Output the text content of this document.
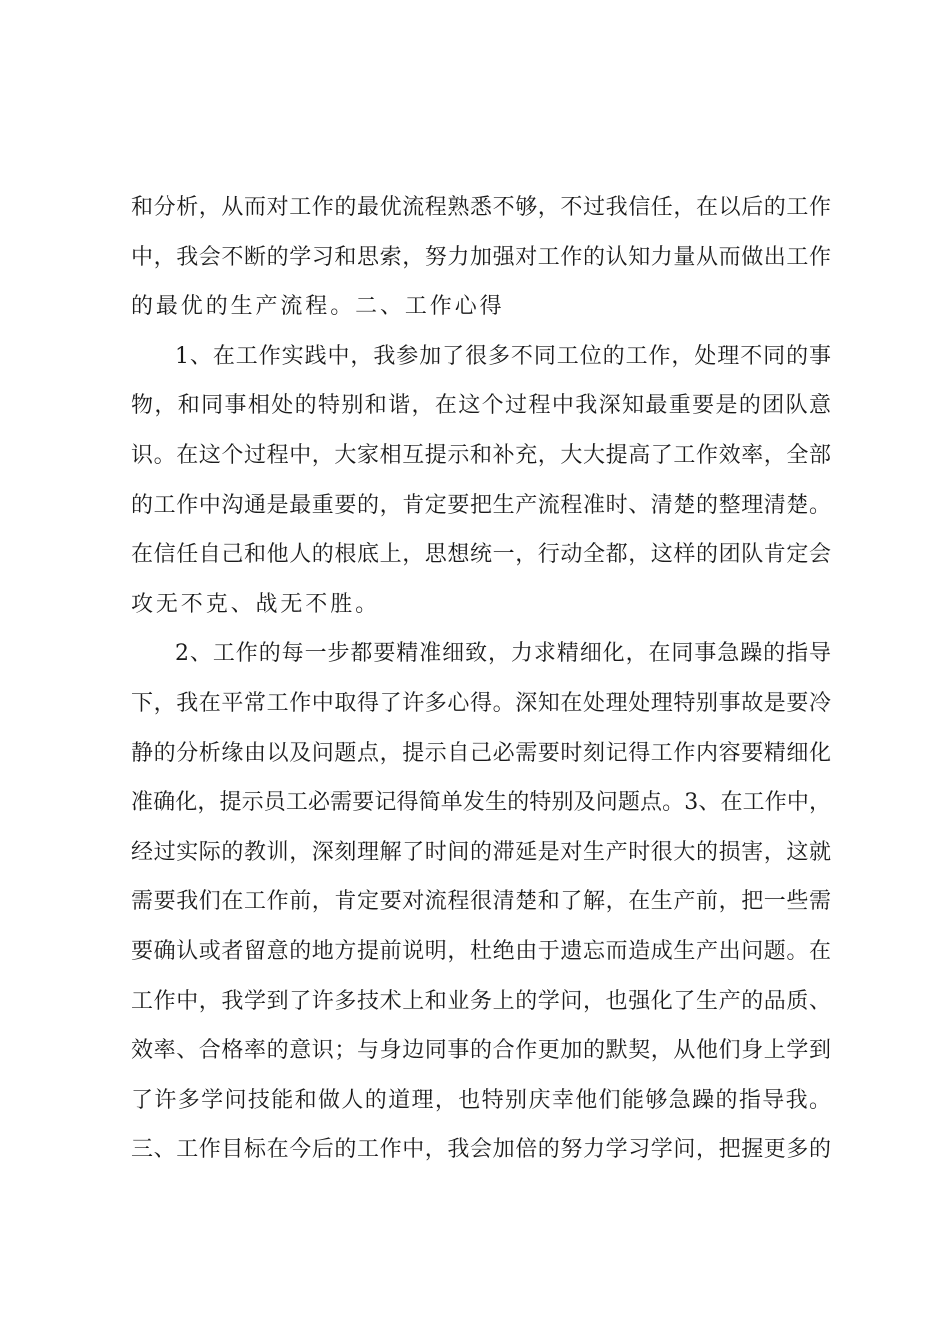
和分析，从而对工作的最优流程熟悉不够，不过我信任，在以后的工作
中，我会不断的学习和思索，努力加强对工作的认知力量从而做出工作
的最优的生产流程。二、工作心得
1、在工作实践中，我参加了很多不同工位的工作，处理不同的事
物，和同事相处的特别和谐，在这个过程中我深知最重要是的团队意
识。在这个过程中，大家相互提示和补充，大大提高了工作效率，全部
的工作中沟通是最重要的，肯定要把生产流程准时、清楚的整理清楚。
在信任自己和他人的根底上，思想统一，行动全都，这样的团队肯定会
攻无不克、战无不胜。
2、工作的每一步都要精准细致，力求精细化，在同事急躁的指导
下，我在平常工作中取得了许多心得。深知在处理处理特别事故是要冷
静的分析缘由以及问题点，提示自己必需要时刻记得工作内容要精细化
准确化，提示员工必需要记得简单发生的特别及问题点。3、在工作中，
经过实际的教训，深刻理解了时间的滞延是对生产时很大的损害，这就
需要我们在工作前，肯定要对流程很清楚和了解，在生产前，把一些需
要确认或者留意的地方提前说明，杜绝由于遗忘而造成生产出问题。在
工作中，我学到了许多技术上和业务上的学问，也强化了生产的品质、
效率、合格率的意识；与身边同事的合作更加的默契，从他们身上学到
了许多学问技能和做人的道理，也特别庆幸他们能够急躁的指导我。
三、工作目标在今后的工作中，我会加倍的努力学习学问，把握更多的
